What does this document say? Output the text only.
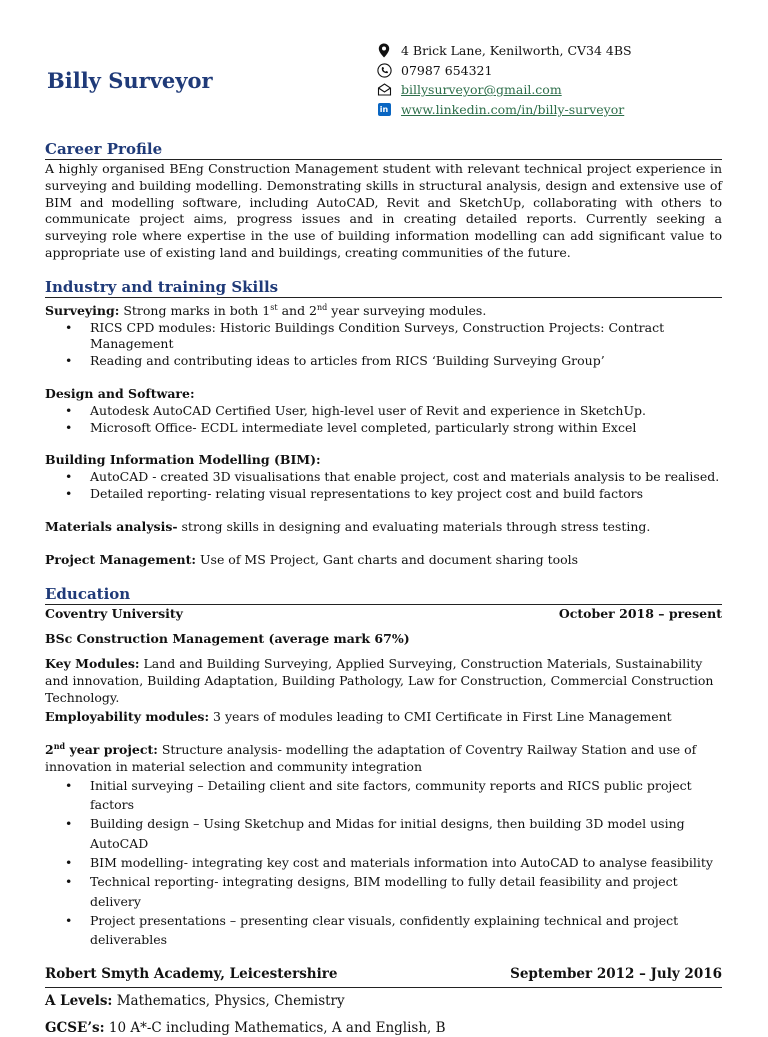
Billy Surveyor
4 Brick Lane, Kenilworth, CV34 4BS
07987 654321
billysurveyor@gmail.com
in www.linkedin.com/in/billy-surveyor
Career Profile

A highly organised BEng Construction Management student with relevant technical project experience in surveying and building modelling. Demonstrating skills in structural analysis, design and extensive use of BIM and modelling software, including AutoCAD, Revit and SketchUp, collaborating with others to communicate project aims, progress issues and in creating detailed reports. Currently seeking a surveying role where expertise in the use of building information modelling can add significant value to appropriate use of existing land and buildings, creating communities of the future.

Industry and training Skills
Surveying: Strong marks in both 1st and 2nd year surveying modules.
• RICS CPD modules: Historic Buildings Condition Surveys, Construction Projects: Contract Management
• Reading and contributing ideas to articles from RICS ‘Building Surveying Group’
Design and Software:
• Autodesk AutoCAD Certified User, high-level user of Revit and experience in SketchUp.
• Microsoft Office- ECDL intermediate level completed, particularly strong within Excel
Building Information Modelling (BIM):
• AutoCAD - created 3D visualisations that enable project, cost and materials analysis to be realised.
• Detailed reporting- relating visual representations to key project cost and build factors
Materials analysis- strong skills in designing and evaluating materials through stress testing.
Project Management: Use of MS Project, Gant charts and document sharing tools
Education
Coventry University	October 2018 – present
BSc Construction Management (average mark 67%)
Key Modules: Land and Building Surveying, Applied Surveying, Construction Materials, Sustainability and innovation, Building Adaptation, Building Pathology, Law for Construction, Commercial Construction Technology.
Employability modules: 3 years of modules leading to CMI Certificate in First Line Management
2nd year project: Structure analysis- modelling the adaptation of Coventry Railway Station and use of innovation in material selection and community integration
• Initial surveying – Detailing client and site factors, community reports and RICS public project factors
• Building design – Using Sketchup and Midas for initial designs, then building 3D model using AutoCAD
• BIM modelling- integrating key cost and materials information into AutoCAD to analyse feasibility
• Technical reporting- integrating designs, BIM modelling to fully detail feasibility and project delivery
• Project presentations – presenting clear visuals, confidently explaining technical and project deliverables
Robert Smyth Academy, Leicestershire	September 2012 – July 2016
A Levels: Mathematics, Physics, Chemistry
GCSE’s: 10 A*-C including Mathematics, A and English, B
